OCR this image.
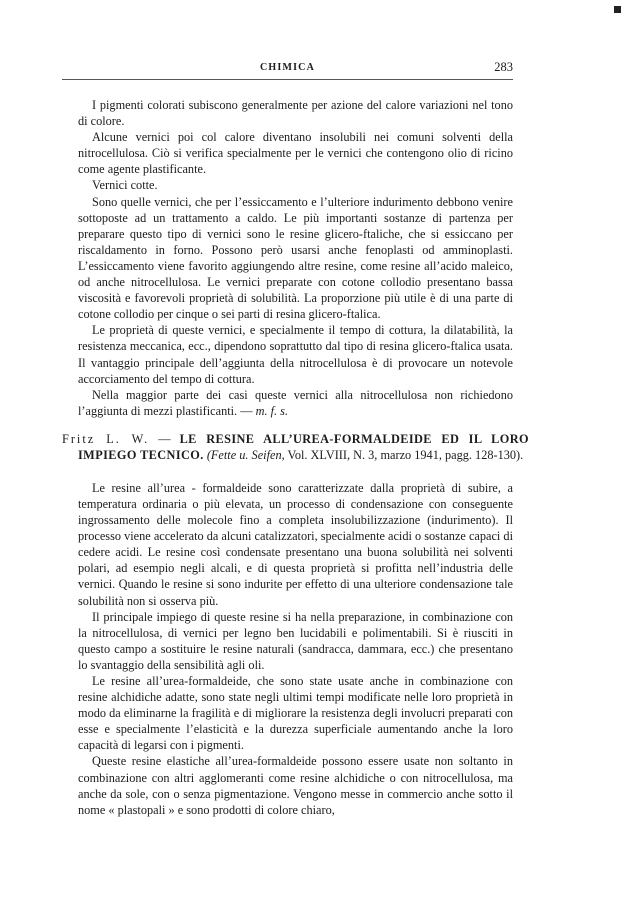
CHIMICA	283

I pigmenti colorati subiscono generalmente per azione del calore variazioni nel tono di colore.

Alcune vernici poi col calore diventano insolubili nei comuni solventi della nitrocellulosa. Ciò si verifica specialmente per le vernici che contengono olio di ricino come agente plastificante.

Vernici cotte.

Sono quelle vernici, che per l’essiccamento e l’ulteriore indurimento debbono venire sottoposte ad un trattamento a caldo. Le più importanti sostanze di partenza per preparare questo tipo di vernici sono le resine glicero-ftaliche, che si essiccano per riscaldamento in forno. Possono però usarsi anche fenoplasti od amminoplasti. L’essiccamento viene favorito aggiungendo altre resine, come resine all’acido maleico, od anche nitrocellulosa. Le vernici preparate con cotone collodio presentano bassa viscosità e favorevoli proprietà di solubilità. La proporzione più utile è di una parte di cotone collodio per cinque o sei parti di resina glicero-ftalica.

Le proprietà di queste vernici, e specialmente il tempo di cottura, la dilatabilità, la resistenza meccanica, ecc., dipendono soprattutto dal tipo di resina glicero-ftalica usata. Il vantaggio principale dell’aggiunta della nitrocellulosa è di provocare un notevole accorciamento del tempo di cottura.

Nella maggior parte dei casi queste vernici alla nitrocellulosa non richiedono l’aggiunta di mezzi plastificanti. — m. f. s.

Fritz L. W. — LE RESINE ALL’UREA-FORMALDEIDE ED IL LORO IMPIEGO TECNICO. (Fette u. Seifen, Vol. XLVIII, N. 3, marzo 1941, pagg. 128-130).

Le resine all’urea - formaldeide sono caratterizzate dalla proprietà di subire, a temperatura ordinaria o più elevata, un processo di condensazione con conseguente ingrossamento delle molecole fino a completa insolubilizzazione (indurimento). Il processo viene accelerato da alcuni catalizzatori, specialmente acidi o sostanze capaci di cedere acidi. Le resine così condensate presentano una buona solubilità nei solventi polari, ad esempio negli alcali, e di questa proprietà si profitta nell’industria delle vernici. Quando le resine si sono indurite per effetto di una ulteriore condensazione tale solubilità non si osserva più.

Il principale impiego di queste resine si ha nella preparazione, in combinazione con la nitrocellulosa, di vernici per legno ben lucidabili e polimentabili. Si è riusciti in questo campo a sostituire le resine naturali (sandracca, dammara, ecc.) che presentano lo svantaggio della sensibilità agli oli.

Le resine all’urea-formaldeide, che sono state usate anche in combinazione con resine alchidiche adatte, sono state negli ultimi tempi modificate nelle loro proprietà in modo da eliminarne la fragilità e di migliorare la resistenza degli involucri preparati con esse e specialmente l’elasticità e la durezza superficiale aumentando anche la loro capacità di legarsi con i pigmenti.

Queste resine elastiche all’urea-formaldeide possono essere usate non soltanto in combinazione con altri agglomeranti come resine alchidiche o con nitrocellulosa, ma anche da sole, con o senza pigmentazione. Vengono messe in commercio anche sotto il nome « plastopali » e sono prodotti di colore chiaro,
